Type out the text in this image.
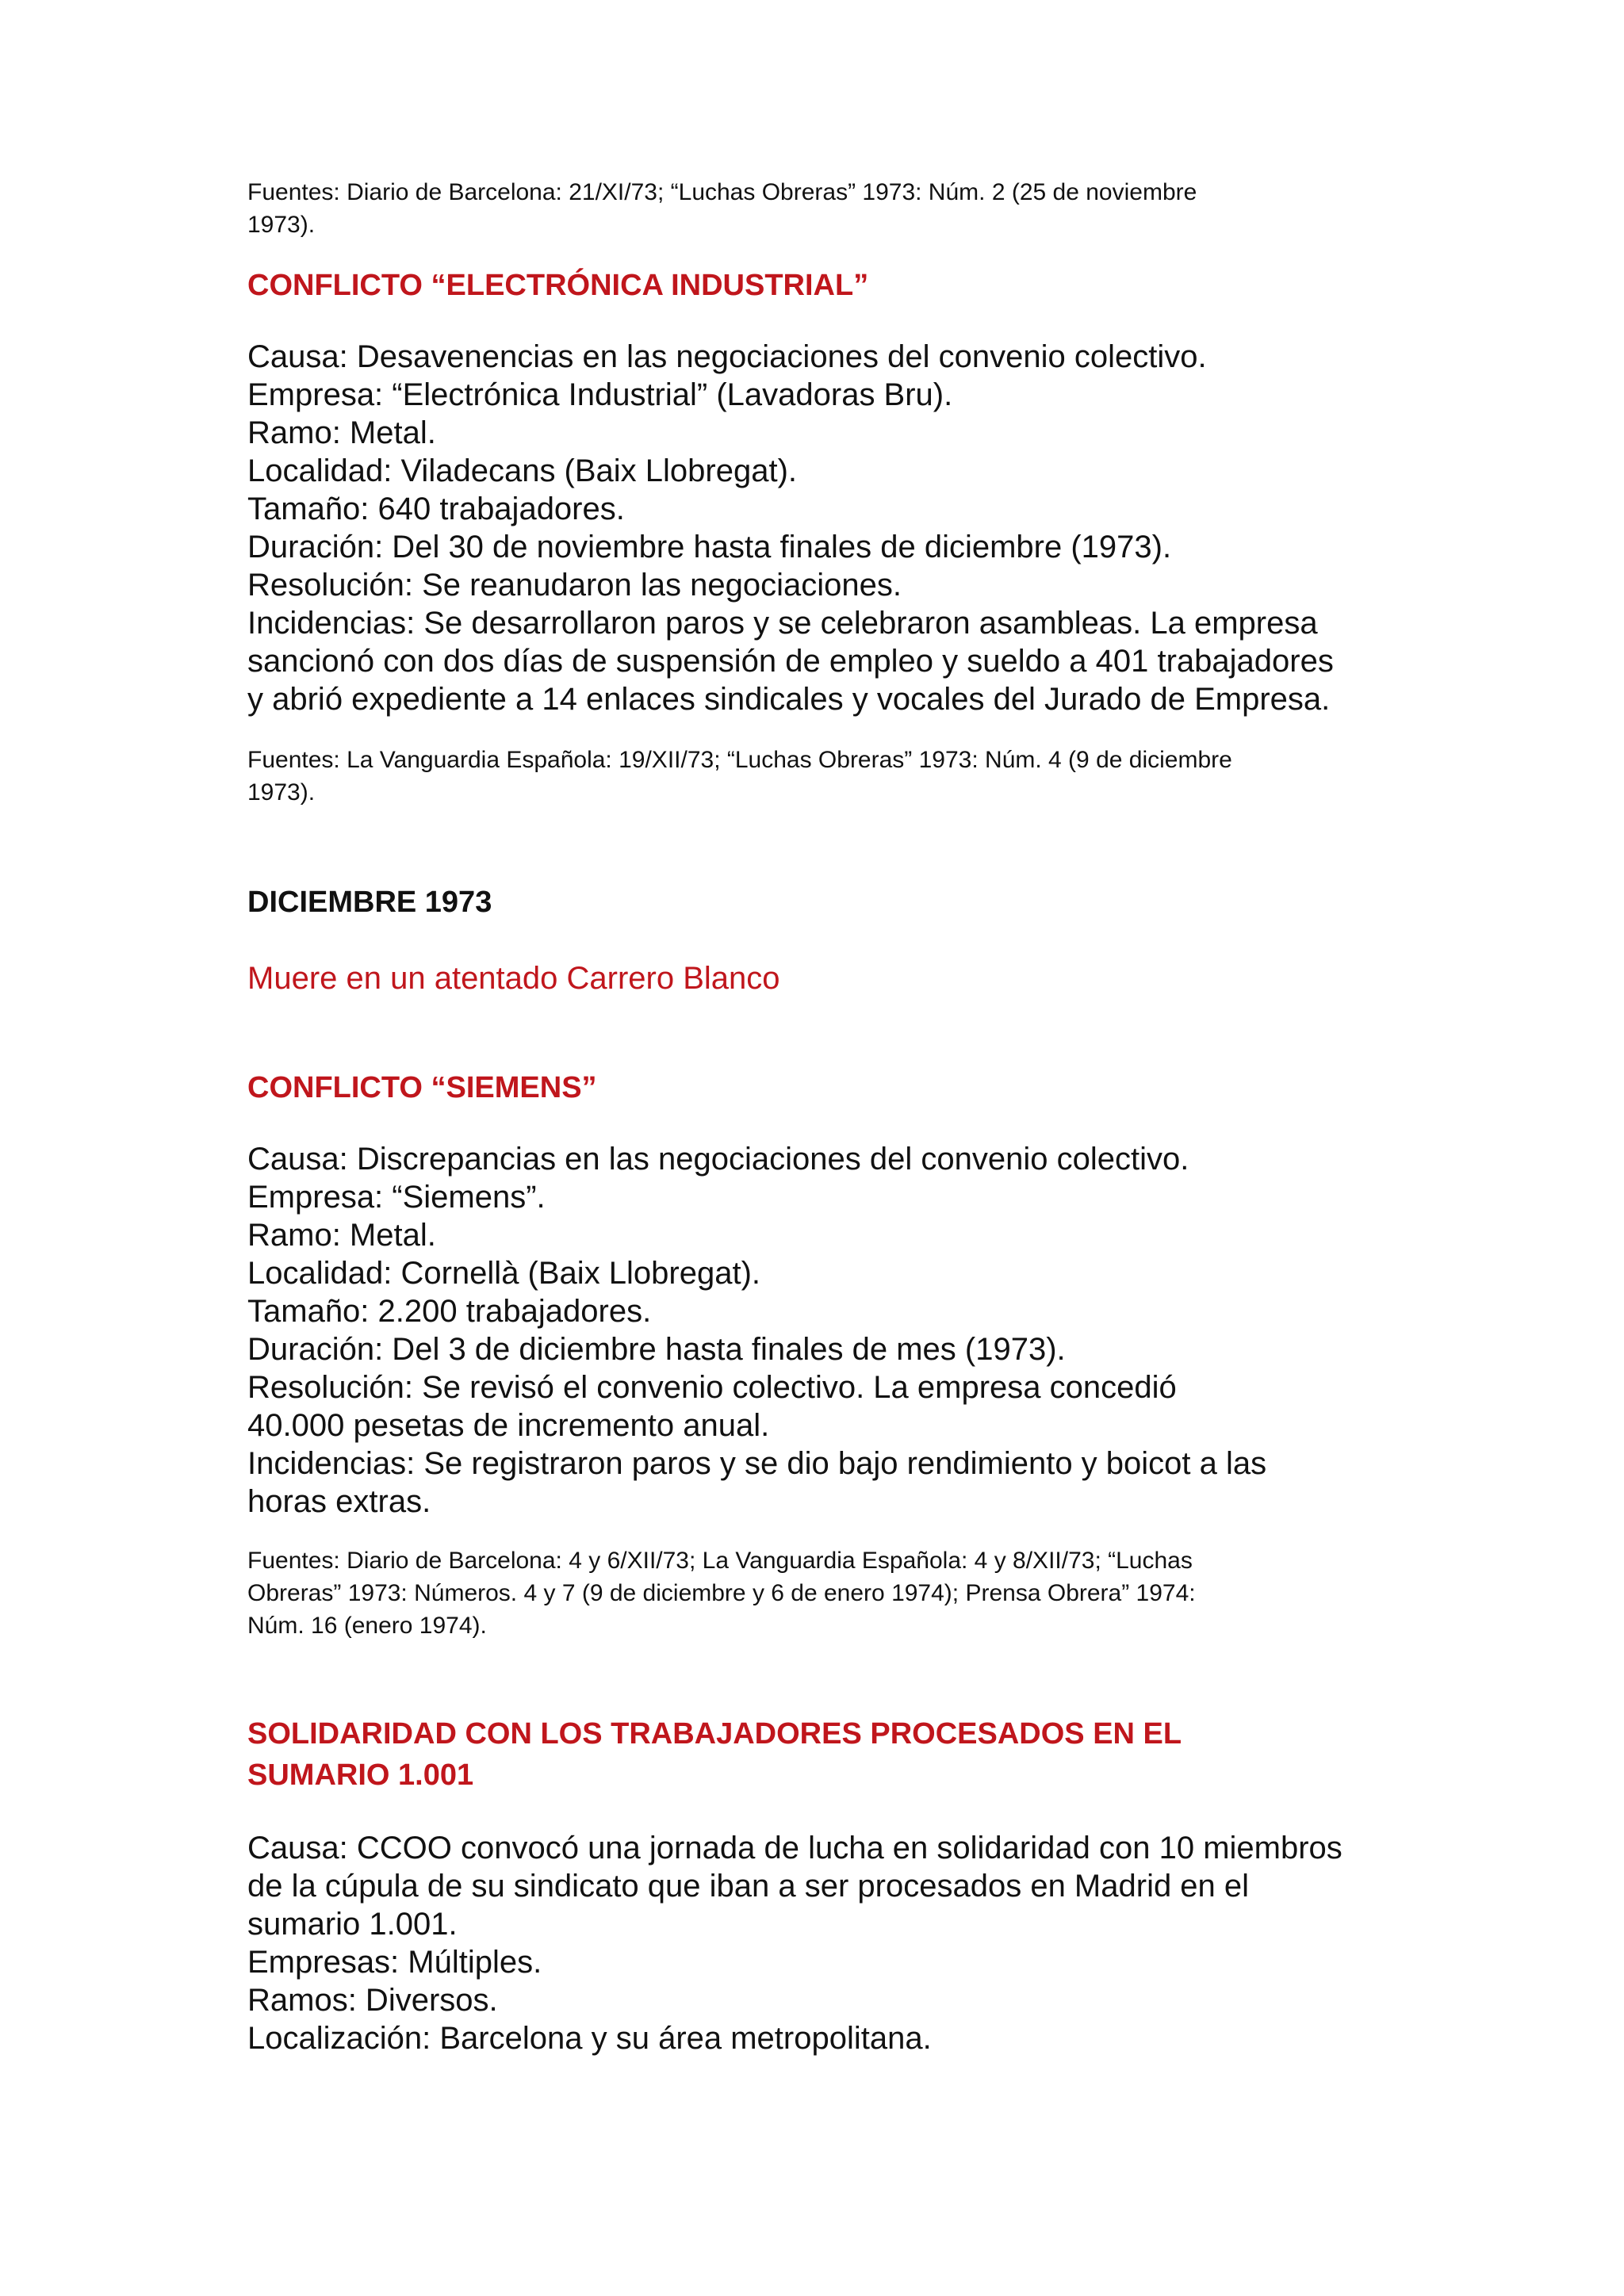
Fuentes: Diario de Barcelona: 21/XI/73; “Luchas Obreras” 1973: Núm. 2 (25 de noviembre
1973).

CONFLICTO “ELECTRÓNICA INDUSTRIAL”

Causa: Desavenencias en las negociaciones del convenio colectivo.
Empresa: “Electrónica Industrial” (Lavadoras Bru).
Ramo: Metal.
Localidad: Viladecans (Baix Llobregat).
Tamaño: 640 trabajadores.
Duración: Del 30 de noviembre hasta finales de diciembre (1973).
Resolución: Se reanudaron las negociaciones.
Incidencias: Se desarrollaron paros y se celebraron asambleas. La empresa
sancionó con dos días de suspensión de empleo y sueldo a 401 trabajadores
y abrió expediente a 14 enlaces sindicales y vocales del Jurado de Empresa.

Fuentes: La Vanguardia Española: 19/XII/73; “Luchas Obreras” 1973: Núm. 4 (9 de diciembre
1973).

DICIEMBRE 1973

Muere en un atentado Carrero Blanco

CONFLICTO “SIEMENS”

Causa: Discrepancias en las negociaciones del convenio colectivo.
Empresa: “Siemens”.
Ramo: Metal.
Localidad: Cornellà (Baix Llobregat).
Tamaño: 2.200 trabajadores.
Duración: Del 3 de diciembre hasta finales de mes (1973).
Resolución: Se revisó el convenio colectivo. La empresa concedió
40.000 pesetas de incremento anual.
Incidencias: Se registraron paros y se dio bajo rendimiento y boicot a las
horas extras.

Fuentes: Diario de Barcelona: 4 y 6/XII/73; La Vanguardia Española: 4 y 8/XII/73; “Luchas
Obreras” 1973: Números. 4 y 7 (9 de diciembre y 6 de enero 1974); Prensa Obrera” 1974:
Núm. 16 (enero 1974).

SOLIDARIDAD CON LOS TRABAJADORES PROCESADOS EN EL
SUMARIO 1.001

Causa: CCOO convocó una jornada de lucha en solidaridad con 10 miembros
de la cúpula de su sindicato que iban a ser procesados en Madrid en el
sumario 1.001.
Empresas: Múltiples.
Ramos: Diversos.
Localización: Barcelona y su área metropolitana.
